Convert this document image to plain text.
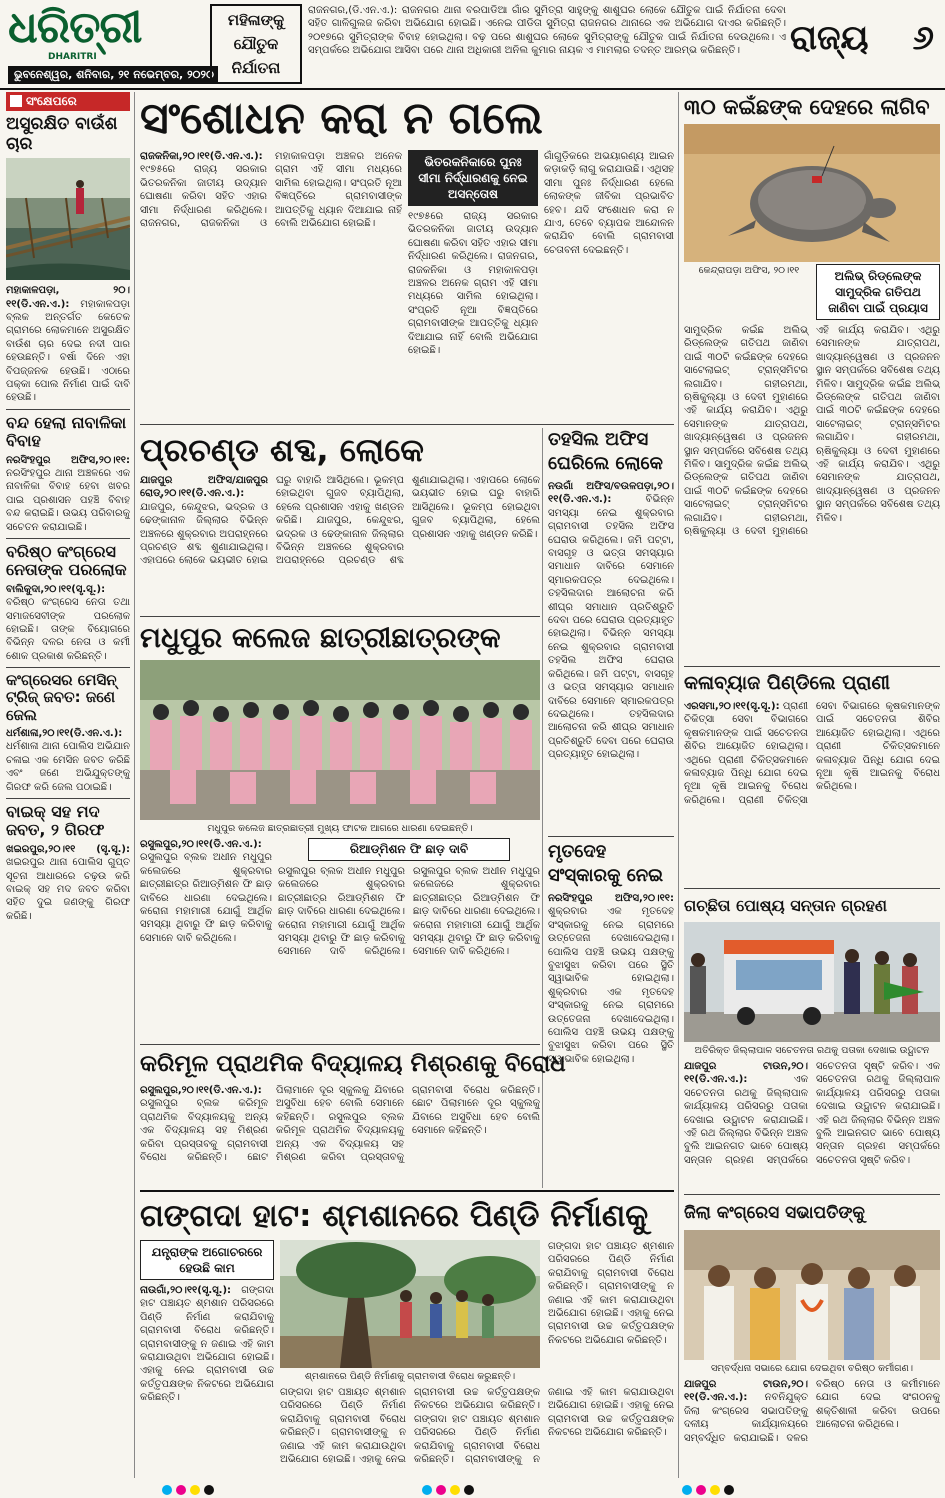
ଧରିତ୍ରୀ
DHARITRI
ଭୁବନେଶ୍ୱର, ଶନିବାର, ୨୧ ନଭେମ୍ବର, ୨୦୨୦
ମହିଳାଙ୍କୁ ଯୌତୁକ ନିର୍ଯାତନା
ରାଜନଗର,(ଡି.ଏନ.ଏ.): ରାଜନଗର ଥାନା ବରପାଡିଆ ଗାଁର ସୁମିତ୍ରା ସାହୁଙ୍କୁ ଶାଶୁଘର ଲୋକେ ଯୌତୁକ ପାଇଁ ନିର୍ଯାତନା ଦେବା ସହିତ ଗାଳିଗୁଲଜ କରିବା ଅଭିଯୋଗ ହୋଇଛି। ଏନେଇ ପୀଡିତା ସୁମିତ୍ରା ରାଜନଗର ଥାନାରେ ଏକ ଅଭିଯୋଗ ଦାଏର କରିଛନ୍ତି। ୨୦୧୭ରେ ସୁମିତ୍ରାଙ୍କ ବିବାହ ହୋଇଥିଲା। ବଢ଼ ପରେ ଶାଶୁଘର ଲୋକେ ସୁମିତ୍ରାଙ୍କୁ ଯୌତୁକ ପାଇଁ ନିର୍ଯାତନା ଦେଉଥିଲେ। ଏ ସମ୍ପର୍କରେ ଅଭିଯୋଗ ଆସିବା ପରେ ଥାନା ଅଧିକାରୀ ଅନିଲ କୁମାର ନାୟକ ଏ ମାମଲାର ତଦନ୍ତ ଆରମ୍ଭ କରିଛନ୍ତି।	ରାଜ୍ୟ ୬
ସଂକ୍ଷେପରେ
ଅସୁରକ୍ଷିତ ବାଉଁଶ ଚାର
ମହାକାଳପଡ଼ା, ୨୦।୧୧(ଡି.ଏନ.ଏ.): ମହାକାଳପଡ଼ା ବ୍ଲକ ଅନ୍ତର୍ଗତ କେତେକ ଗ୍ରାମରେ ଲୋକମାନେ ଅସୁରକ୍ଷିତ ବାଉଁଶ ଚାର ଦେଇ ନଦୀ ପାର ହେଉଛନ୍ତି। ବର୍ଷା ଦିନେ ଏହା ବିପଜ୍ଜନକ ହେଉଛି। ଏଠାରେ ପକ୍କା ପୋଲ ନିର୍ମାଣ ପାଇଁ ଦାବି ହେଉଛି।
ବନ୍ଦ ହେଲା ନାବାଳିକା ବିବାହ
ନରସିଂହପୁର ଅଫିସ,୨୦।୧୧: ନରସିଂହପୁର ଥାନା ଅଞ୍ଚଳରେ ଏକ ନାବାଳିକା ବିବାହ ହେବା ଖବର ପାଇ ପ୍ରଶାସନ ପହଞ୍ଚି ବିବାହ ବନ୍ଦ କରାଇଛି। ଉଭୟ ପରିବାରକୁ ସଚେତନ କରାଯାଇଛି।
ବରିଷ୍ଠ କଂଗ୍ରେସ ନେତାଙ୍କ ପରଲୋକ
ବାଲିକୁଦା,୨୦।୧୧(ସୃ.ସୂ.): ବରିଷ୍ଠ କଂଗ୍ରେସ ନେତା ତଥା ସମାଜସେବୀଙ୍କ ପରଲୋକ ହୋଇଛି। ତାଙ୍କ ବିୟୋଗରେ ବିଭିନ୍ନ ଦଳର ନେତା ଓ କର୍ମୀ ଶୋକ ପ୍ରକାଶ କରିଛନ୍ତି।
କଂଗ୍ରେସର ମେସିନ୍ ଟ୍ରିଜ୍ ଜବତ: ଜଣେ ଜେଲ
ଧର୍ମଶାଳା,୨୦।୧୧(ଡି.ଏନ.ଏ.): ଧର୍ମଶାଳା ଥାନା ପୋଲିସ ଅଭିଯାନ ଚଳାଇ ଏକ ମେସିନ ଜବତ କରିଛି ଏବଂ ଜଣେ ଅଭିଯୁକ୍ତଙ୍କୁ ଗିରଫ କରି ଜେଲ ପଠାଇଛି।
ବାଇକ୍ ସହ ମଦ ଜବତ, ୨ ଗିରଫ
ଖଇରପୁର,୨୦।୧୧ (ସୃ.ସୂ.): ଖଇରପୁର ଥାନା ପୋଲିସ ଗୁପ୍ତ ସୂଚନା ଆଧାରରେ ଚଢ଼ଉ କରି ବାଇକ୍ ସହ ମଦ ଜବତ କରିବା ସହିତ ଦୁଇ ଜଣଙ୍କୁ ଗିରଫ କରିଛି।
ସଂଶୋଧନ କରା ନ ଗଲେ
ରାଜକନିକା,୨୦।୧୧(ଡି.ଏନ.ଏ.): ୧୯୭୫ରେ ରାଜ୍ୟ ସରକାର ଭିତରକନିକା ଜାତୀୟ ଉଦ୍ୟାନ ଘୋଷଣା କରିବା ସହିତ ଏହାର ସୀମା ନିର୍ଦ୍ଧାରଣ କରିଥିଲେ। ରାଜନଗର, ରାଜକନିକା ଓ ମହାକାଳପଡ଼ା ଅଞ୍ଚଳର ଅନେକ ଗ୍ରାମ ଏହି ସୀମା ମଧ୍ୟରେ ସାମିଲ ହୋଇଥିଲା। ସଂପ୍ରତି ନୂଆ ବିଜ୍ଞପ୍ତିରେ ଗ୍ରାମବାସୀଙ୍କ ଆପତ୍ତିକୁ ଧ୍ୟାନ ଦିଆଯାଇ ନାହିଁ ବୋଲି ଅଭିଯୋଗ ହୋଇଛି।
ଭିତରକନିକାରେ ପୁନଃ ସୀମା ନିର୍ଦ୍ଧାରଣକୁ ନେଇ ଅସନ୍ତୋଷ
୧୯୭୫ରେ ରାଜ୍ୟ ସରକାର ଭିତରକନିକା ଜାତୀୟ ଉଦ୍ୟାନ ଘୋଷଣା କରିବା ସହିତ ଏହାର ସୀମା ନିର୍ଦ୍ଧାରଣ କରିଥିଲେ। ରାଜନଗର, ରାଜକନିକା ଓ ମହାକାଳପଡ଼ା ଅଞ୍ଚଳର ଅନେକ ଗ୍ରାମ ଏହି ସୀମା ମଧ୍ୟରେ ସାମିଲ ହୋଇଥିଲା। ସଂପ୍ରତି ନୂଆ ବିଜ୍ଞପ୍ତିରେ ଗ୍ରାମବାସୀଙ୍କ ଆପତ୍ତିକୁ ଧ୍ୟାନ ଦିଆଯାଇ ନାହିଁ ବୋଲି ଅଭିଯୋଗ ହୋଇଛି।
ଗାଁଗୁଡ଼ିକରେ ଅଭୟାରଣ୍ୟ ଆଇନ କଡ଼ାକଡ଼ି ଲାଗୁ କରାଯାଉଛି। ଏଥିସହ ସୀମା ପୁନଃ ନିର୍ଦ୍ଧାରଣ ହେଲେ ଲୋକଙ୍କ ଜୀବିକା ପ୍ରଭାବିତ ହେବ। ଯଦି ସଂଶୋଧନ କରା ନ ଯାଏ, ତେବେ ବ୍ୟାପକ ଆନ୍ଦୋଳନ କରାଯିବ ବୋଲି ଗ୍ରାମବାସୀ ଚେତାବନୀ ଦେଇଛନ୍ତି।
୩୦ କଇଁଛଙ୍କ ଦେହରେ ଲାଗିବ
କେନ୍ଦ୍ରାପଡ଼ା ଅଫିସ, ୨୦।୧୧	ଅଲିଭ୍ ରିଡ୍ଲେଙ୍କ ସାମୁଦ୍ରିକ ଗତିପଥ ଜାଣିବା ପାଇଁ ପ୍ରୟାସ
ସାମୁଦ୍ରିକ କଇଁଛ ଅଲିଭ୍ ରିଡ୍ଲେଙ୍କ ଗତିପଥ ଜାଣିବା ପାଇଁ ୩୦ଟି କଇଁଛଙ୍କ ଦେହରେ ସାଟେଲାଇଟ୍ ଟ୍ରାନ୍ସମିଟର ଲଗାଯିବ। ଗହୀରମଥା, ଋଷିକୁଲ୍ୟା ଓ ଦେବୀ ମୁହାଣରେ ଏହି କାର୍ଯ୍ୟ କରାଯିବ। ଏଥିରୁ ସେମାନଙ୍କ ଯାତ୍ରାପଥ, ଖାଦ୍ୟାନ୍ୱେଷଣ ଓ ପ୍ରଜନନ ସ୍ଥାନ ସମ୍ପର୍କରେ ସବିଶେଷ ତଥ୍ୟ ମିଳିବ। ସାମୁଦ୍ରିକ କଇଁଛ ଅଲିଭ୍ ରିଡ୍ଲେଙ୍କ ଗତିପଥ ଜାଣିବା ପାଇଁ ୩୦ଟି କଇଁଛଙ୍କ ଦେହରେ ସାଟେଲାଇଟ୍ ଟ୍ରାନ୍ସମିଟର ଲଗାଯିବ। ଗହୀରମଥା, ଋଷିକୁଲ୍ୟା ଓ ଦେବୀ ମୁହାଣରେ ଏହି କାର୍ଯ୍ୟ କରାଯିବ। ଏଥିରୁ ସେମାନଙ୍କ ଯାତ୍ରାପଥ, ଖାଦ୍ୟାନ୍ୱେଷଣ ଓ ପ୍ରଜନନ ସ୍ଥାନ ସମ୍ପର୍କରେ ସବିଶେଷ ତଥ୍ୟ ମିଳିବ। ସାମୁଦ୍ରିକ କଇଁଛ ଅଲିଭ୍ ରିଡ୍ଲେଙ୍କ ଗତିପଥ ଜାଣିବା ପାଇଁ ୩୦ଟି କଇଁଛଙ୍କ ଦେହରେ ସାଟେଲାଇଟ୍ ଟ୍ରାନ୍ସମିଟର ଲଗାଯିବ। ଗହୀରମଥା, ଋଷିକୁଲ୍ୟା ଓ ଦେବୀ ମୁହାଣରେ ଏହି କାର୍ଯ୍ୟ କରାଯିବ। ଏଥିରୁ ସେମାନଙ୍କ ଯାତ୍ରାପଥ, ଖାଦ୍ୟାନ୍ୱେଷଣ ଓ ପ୍ରଜନନ ସ୍ଥାନ ସମ୍ପର୍କରେ ସବିଶେଷ ତଥ୍ୟ ମିଳିବ।
ପ୍ରଚଣ୍ଡ ଶବ୍ଦ, ଲୋକେ
ଯାଜପୁର ଅଫିସ/ଯାଜପୁର ରୋଡ୍,୨୦।୧୧(ଡି.ଏନ.ଏ.): ଯାଜପୁର, କେନ୍ଦୁଝର, ଭଦ୍ରକ ଓ ଢେଙ୍କାନାଳ ଜିଲ୍ଲାର ବିଭିନ୍ନ ଅଞ୍ଚଳରେ ଶୁକ୍ରବାର ଅପରାହ୍ନରେ ପ୍ରଚଣ୍ଡ ଶବ୍ଦ ଶୁଣାଯାଇଥିଲା। ଏହାପରେ ଲୋକେ ଭୟଭୀତ ହୋଇ ଘରୁ ବାହାରି ଆସିଥିଲେ। ଭୂକମ୍ପ ହୋଇଥିବା ଗୁଜବ ବ୍ୟାପିଥିଲା, ହେଲେ ପ୍ରଶାସନ ଏହାକୁ ଖଣ୍ଡନ କରିଛି। ଯାଜପୁର, କେନ୍ଦୁଝର, ଭଦ୍ରକ ଓ ଢେଙ୍କାନାଳ ଜିଲ୍ଲାର ବିଭିନ୍ନ ଅଞ୍ଚଳରେ ଶୁକ୍ରବାର ଅପରାହ୍ନରେ ପ୍ରଚଣ୍ଡ ଶବ୍ଦ ଶୁଣାଯାଇଥିଲା। ଏହାପରେ ଲୋକେ ଭୟଭୀତ ହୋଇ ଘରୁ ବାହାରି ଆସିଥିଲେ। ଭୂକମ୍ପ ହୋଇଥିବା ଗୁଜବ ବ୍ୟାପିଥିଲା, ହେଲେ ପ୍ରଶାସନ ଏହାକୁ ଖଣ୍ଡନ କରିଛି।
ତହସିଲ ଅଫିସ ଘେରିଲେ ଲୋକେ
ନଉଗାଁ ଅଫିସ/ବଉଳପଡ଼ା,୨୦।୧୧(ଡି.ଏନ.ଏ.):	ବିଭିନ୍ନ ସମସ୍ୟା ନେଇ ଶୁକ୍ରବାର ଗ୍ରାମବାସୀ ତହସିଲ ଅଫିସ ଘେରାଉ କରିଥିଲେ। ଜମି ପଟ୍ଟା, ବାସଗୃହ ଓ ଭତ୍ତା ସମସ୍ୟାର ସମାଧାନ ଦାବିରେ ସେମାନେ ସ୍ମାରକପତ୍ର ଦେଇଥିଲେ। ତହସିଲଦାର ଆଲୋଚନା କରି ଶୀଘ୍ର ସମାଧାନ ପ୍ରତିଶ୍ରୁତି ଦେବା ପରେ ଘେରାଉ ପ୍ରତ୍ୟାହୃତ ହୋଇଥିଲା। ବିଭିନ୍ନ ସମସ୍ୟା ନେଇ ଶୁକ୍ରବାର ଗ୍ରାମବାସୀ ତହସିଲ ଅଫିସ ଘେରାଉ କରିଥିଲେ। ଜମି ପଟ୍ଟା, ବାସଗୃହ ଓ ଭତ୍ତା ସମସ୍ୟାର ସମାଧାନ ଦାବିରେ ସେମାନେ ସ୍ମାରକପତ୍ର ଦେଇଥିଲେ। ତହସିଲଦାର ଆଲୋଚନା କରି ଶୀଘ୍ର ସମାଧାନ ପ୍ରତିଶ୍ରୁତି ଦେବା ପରେ ଘେରାଉ ପ୍ରତ୍ୟାହୃତ ହୋଇଥିଲା।
ମଧୁପୁର କଲେଜ ଛାତ୍ରୀଛାତ୍ରଙ୍କ
ମଧୁପୁର କଲେଜ ଛାତ୍ରଛାତ୍ରୀ ମୁଖ୍ୟ ଫାଟକ ଆଗରେ ଧାରଣା ଦେଇଛନ୍ତି।
ରସୁଲପୁର,୨୦।୧୧(ଡି.ଏନ.ଏ.): ରସୁଲପୁର ବ୍ଲକ ଅଧୀନ ମଧୁପୁର କଲେଜରେ ଶୁକ୍ରବାର ଛାତ୍ରୀଛାତ୍ର ରିଆଡ୍ମିଶନ ଫି ଛାଡ଼ ଦାବିରେ ଧାରଣା ଦେଇଥିଲେ। କରୋନା ମହାମାରୀ ଯୋଗୁଁ ଆର୍ଥିକ ସମସ୍ୟା ଥିବାରୁ ଫି ଛାଡ଼ କରିବାକୁ ସେମାନେ ଦାବି କରିଥିଲେ।
ରିଆଡ୍ମିଶନ ଫି ଛାଡ଼ ଦାବି
ରସୁଲପୁର ବ୍ଲକ ଅଧୀନ ମଧୁପୁର କଲେଜରେ ଶୁକ୍ରବାର ଛାତ୍ରୀଛାତ୍ର ରିଆଡ୍ମିଶନ ଫି ଛାଡ଼ ଦାବିରେ ଧାରଣା ଦେଇଥିଲେ। କରୋନା ମହାମାରୀ ଯୋଗୁଁ ଆର୍ଥିକ ସମସ୍ୟା ଥିବାରୁ ଫି ଛାଡ଼ କରିବାକୁ ସେମାନେ ଦାବି କରିଥିଲେ। ରସୁଲପୁର ବ୍ଲକ ଅଧୀନ ମଧୁପୁର କଲେଜରେ ଶୁକ୍ରବାର ଛାତ୍ରୀଛାତ୍ର ରିଆଡ୍ମିଶନ ଫି ଛାଡ଼ ଦାବିରେ ଧାରଣା ଦେଇଥିଲେ। କରୋନା ମହାମାରୀ ଯୋଗୁଁ ଆର୍ଥିକ ସମସ୍ୟା ଥିବାରୁ ଫି ଛାଡ଼ କରିବାକୁ ସେମାନେ ଦାବି କରିଥିଲେ।
ମୃତଦେହ ସଂସ୍କାରକୁ ନେଇ
ନରସିଂହପୁର ଅଫିସ,୨୦।୧୧: ଶୁକ୍ରବାର ଏକ ମୃତଦେହ ସଂସ୍କାରକୁ ନେଇ ଗ୍ରାମରେ ଉତ୍ତେଜନା ଦେଖାଦେଇଥିଲା। ପୋଲିସ ପହଞ୍ଚି ଉଭୟ ପକ୍ଷଙ୍କୁ ବୁଝାସୁଝା କରିବା ପରେ ସ୍ଥିତି ସ୍ୱାଭାବିକ ହୋଇଥିଲା। ଶୁକ୍ରବାର ଏକ ମୃତଦେହ ସଂସ୍କାରକୁ ନେଇ ଗ୍ରାମରେ ଉତ୍ତେଜନା ଦେଖାଦେଇଥିଲା। ପୋଲିସ ପହଞ୍ଚି ଉଭୟ ପକ୍ଷଙ୍କୁ ବୁଝାସୁଝା କରିବା ପରେ ସ୍ଥିତି ସ୍ୱାଭାବିକ ହୋଇଥିଲା।
କଳାବ୍ୟାଜ ପିଣ୍ଡିଲେ ପ୍ରାଣୀ
ଏରସମା,୨୦।୧୧(ସୃ.ସୂ.): ପ୍ରାଣୀ ଚିକିତ୍ସା ସେବା ବିଭାଗରେ କୃଷକମାନଙ୍କ ପାଇଁ ସଚେତନତା ଶିବିର ଆୟୋଜିତ ହୋଇଥିଲା। ଏଥିରେ ପ୍ରାଣୀ ଚିକିତ୍ସକମାନେ କଳାବ୍ୟାଜ ପିନ୍ଧି ଯୋଗ ଦେଇ ନୂଆ କୃଷି ଆଇନକୁ ବିରୋଧ କରିଥିଲେ। ପ୍ରାଣୀ ଚିକିତ୍ସା ସେବା ବିଭାଗରେ କୃଷକମାନଙ୍କ ପାଇଁ ସଚେତନତା ଶିବିର ଆୟୋଜିତ ହୋଇଥିଲା। ଏଥିରେ ପ୍ରାଣୀ ଚିକିତ୍ସକମାନେ କଳାବ୍ୟାଜ ପିନ୍ଧି ଯୋଗ ଦେଇ ନୂଆ କୃଷି ଆଇନକୁ ବିରୋଧ କରିଥିଲେ।
କରିମୂଳ ପ୍ରାଥମିକ ବିଦ୍ୟାଳୟ ମିଶ୍ରଣକୁ ବିରୋଧ
ରସୁଲପୁର,୨୦।୧୧(ଡି.ଏନ.ଏ.): ରସୁଲପୁର ବ୍ଲକ କରିମୂଳ ପ୍ରାଥମିକ ବିଦ୍ୟାଳୟକୁ ଅନ୍ୟ ଏକ ବିଦ୍ୟାଳୟ ସହ ମିଶ୍ରଣ କରିବା ପ୍ରସ୍ତାବକୁ ଗ୍ରାମବାସୀ ବିରୋଧ କରିଛନ୍ତି। ଛୋଟ ପିଲାମାନେ ଦୂର ସ୍କୁଲକୁ ଯିବାରେ ଅସୁବିଧା ହେବ ବୋଲି ସେମାନେ କହିଛନ୍ତି। ରସୁଲପୁର ବ୍ଲକ କରିମୂଳ ପ୍ରାଥମିକ ବିଦ୍ୟାଳୟକୁ ଅନ୍ୟ ଏକ ବିଦ୍ୟାଳୟ ସହ ମିଶ୍ରଣ କରିବା ପ୍ରସ୍ତାବକୁ ଗ୍ରାମବାସୀ ବିରୋଧ କରିଛନ୍ତି। ଛୋଟ ପିଲାମାନେ ଦୂର ସ୍କୁଲକୁ ଯିବାରେ ଅସୁବିଧା ହେବ ବୋଲି ସେମାନେ କହିଛନ୍ତି।
ଗଚ୍ଛିତା ପୋଷ୍ୟ ସନ୍ତାନ ଗ୍ରହଣ
ଅତିରିକ୍ତ ଜିଲ୍ଲାପାଳ ସଚେତନତା ରଥକୁ ପତାକା ଦେଖାଇ ଉଦ୍ଘାଟନ
ଯାଜପୁର ଟାଉନ,୨୦।୧୧(ଡି.ଏନ.ଏ.):	ଏକ ସଚେତନତା ରଥକୁ ଜିଲ୍ଲାପାଳ କାର୍ଯ୍ୟାଳୟ ପରିସରରୁ ପତାକା ଦେଖାଇ ଉଦ୍ଘାଟନ କରାଯାଇଛି। ଏହି ରଥ ଜିଲ୍ଲାର ବିଭିନ୍ନ ଅଞ୍ଚଳ ବୁଲି ଆଇନଗତ ଭାବେ ପୋଷ୍ୟ ସନ୍ତାନ ଗ୍ରହଣ ସମ୍ପର୍କରେ ସଚେତନତା ସୃଷ୍ଟି କରିବ। ଏକ ସଚେତନତା ରଥକୁ ଜିଲ୍ଲାପାଳ କାର୍ଯ୍ୟାଳୟ ପରିସରରୁ ପତାକା ଦେଖାଇ ଉଦ୍ଘାଟନ କରାଯାଇଛି। ଏହି ରଥ ଜିଲ୍ଲାର ବିଭିନ୍ନ ଅଞ୍ଚଳ ବୁଲି ଆଇନଗତ ଭାବେ ପୋଷ୍ୟ ସନ୍ତାନ ଗ୍ରହଣ ସମ୍ପର୍କରେ ସଚେତନତା ସୃଷ୍ଟି କରିବ।
ଗଙ୍ଗଦା ହାଟ: ଶ୍ମଶାନରେ ପିଣ୍ଡି ନିର୍ମାଣକୁ
ଯନ୍ତ୍ରାଙ୍କ ଅଗୋଚରରେ ହେଉଛି କାମ
ନାଉଗାଁ,୨୦।୧୧(ସୃ.ସୂ.): ଗଙ୍ଗଦା ହାଟ ପଞ୍ଚାୟତ ଶ୍ମଶାନ ପରିସରରେ ପିଣ୍ଡି ନିର୍ମାଣ କରାଯିବାକୁ ଗ୍ରାମବାସୀ ବିରୋଧ କରିଛନ୍ତି। ଗ୍ରାମବାସୀଙ୍କୁ ନ ଜଣାଇ ଏହି କାମ କରାଯାଉଥିବା ଅଭିଯୋଗ ହୋଇଛି। ଏହାକୁ ନେଇ ଗ୍ରାମବାସୀ ଉଚ୍ଚ କର୍ତ୍ତୃପକ୍ଷଙ୍କ ନିକଟରେ ଅଭିଯୋଗ କରିଛନ୍ତି।
ଶ୍ମଶାନରେ ପିଣ୍ଡି ନିର୍ମାଣକୁ ଗ୍ରାମବାସୀ ବିରୋଧ କରୁଛନ୍ତି।
ଗଙ୍ଗଦା ହାଟ ପଞ୍ଚାୟତ ଶ୍ମଶାନ ପରିସରରେ ପିଣ୍ଡି ନିର୍ମାଣ କରାଯିବାକୁ ଗ୍ରାମବାସୀ ବିରୋଧ କରିଛନ୍ତି। ଗ୍ରାମବାସୀଙ୍କୁ ନ ଜଣାଇ ଏହି କାମ କରାଯାଉଥିବା ଅଭିଯୋଗ ହୋଇଛି। ଏହାକୁ ନେଇ ଗ୍ରାମବାସୀ ଉଚ୍ଚ କର୍ତ୍ତୃପକ୍ଷଙ୍କ ନିକଟରେ ଅଭିଯୋଗ କରିଛନ୍ତି। ଗଙ୍ଗଦା ହାଟ ପଞ୍ଚାୟତ ଶ୍ମଶାନ ପରିସରରେ ପିଣ୍ଡି ନିର୍ମାଣ କରାଯିବାକୁ ଗ୍ରାମବାସୀ ବିରୋଧ କରିଛନ୍ତି। ଗ୍ରାମବାସୀଙ୍କୁ ନ ଜଣାଇ ଏହି କାମ କରାଯାଉଥିବା ଅଭିଯୋଗ ହୋଇଛି। ଏହାକୁ ନେଇ ଗ୍ରାମବାସୀ ଉଚ୍ଚ କର୍ତ୍ତୃପକ୍ଷଙ୍କ ନିକଟରେ ଅଭିଯୋଗ କରିଛନ୍ତି।
ଗଙ୍ଗଦା ହାଟ ପଞ୍ଚାୟତ ଶ୍ମଶାନ ପରିସରରେ ପିଣ୍ଡି ନିର୍ମାଣ କରାଯିବାକୁ ଗ୍ରାମବାସୀ ବିରୋଧ କରିଛନ୍ତି। ଗ୍ରାମବାସୀଙ୍କୁ ନ ଜଣାଇ ଏହି କାମ କରାଯାଉଥିବା ଅଭିଯୋଗ ହୋଇଛି। ଏହାକୁ ନେଇ ଗ୍ରାମବାସୀ ଉଚ୍ଚ କର୍ତ୍ତୃପକ୍ଷଙ୍କ ନିକଟରେ ଅଭିଯୋଗ କରିଛନ୍ତି।
ଜିଲା କଂଗ୍ରେସ ସଭାପତିଙ୍କୁ
ସମ୍ବର୍ଦ୍ଧନା ସଭାରେ ଯୋଗ ଦେଇଥିବା ବରିଷ୍ଠ କର୍ମୀଗଣ।
ଯାଜପୁର ଟାଉନ,୨୦।୧୧(ଡି.ଏନ.ଏ.): ନବନିଯୁକ୍ତ ଜିଲା କଂଗ୍ରେସ ସଭାପତିଙ୍କୁ ଦଳୀୟ କାର୍ଯ୍ୟାଳୟରେ ସମ୍ବର୍ଦ୍ଧିତ କରାଯାଇଛି। ଦଳର ବରିଷ୍ଠ ନେତା ଓ କର୍ମୀମାନେ ଯୋଗ ଦେଇ ସଂଗଠନକୁ ଶକ୍ତିଶାଳୀ କରିବା ଉପରେ ଆଲୋଚନା କରିଥିଲେ।
